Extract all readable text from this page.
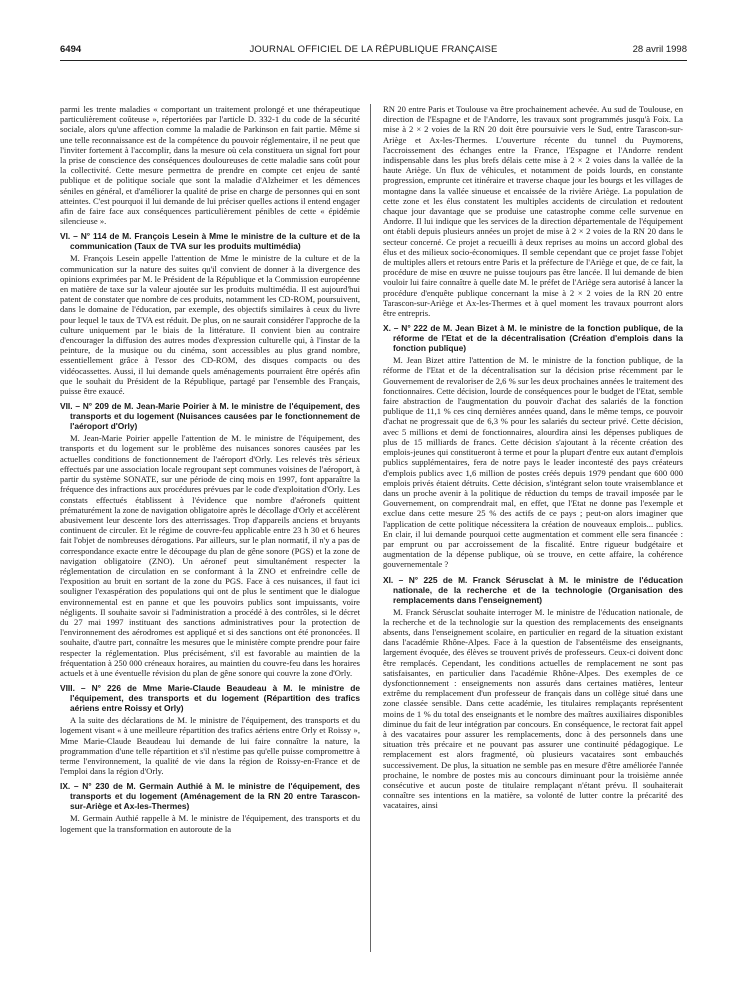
6494	JOURNAL OFFICIEL DE LA RÉPUBLIQUE FRANÇAISE	28 avril 1998

parmi les trente maladies « comportant un traitement prolongé et une thérapeutique particulièrement coûteuse », répertoriées par l'article D. 332-1 du code de la sécurité sociale, alors qu'une affection comme la maladie de Parkinson en fait partie. Même si une telle reconnaissance est de la compétence du pouvoir réglementaire, il ne peut que l'inviter fortement à l'accomplir, dans la mesure où cela constituera un signal fort pour la prise de conscience des conséquences douloureuses de cette maladie sans coût pour la collectivité. Cette mesure permettra de prendre en compte cet enjeu de santé publique et de politique sociale que sont la maladie d'Alzheimer et les démences séniles en général, et d'améliorer la qualité de prise en charge de personnes qui en sont atteintes. C'est pourquoi il lui demande de lui préciser quelles actions il entend engager afin de faire face aux conséquences particulièrement pénibles de cette « épidémie silencieuse ».

VI. – N° 114 de M. François Lesein à Mme le ministre de la culture et de la communication (Taux de TVA sur les produits multimédia)

M. François Lesein appelle l'attention de Mme le ministre de la culture et de la communication sur la nature des suites qu'il convient de donner à la divergence des opinions exprimées par M. le Président de la République et la Commission européenne en matière de taxe sur la valeur ajoutée sur les produits multimédia. Il est aujourd'hui patent de constater que nombre de ces produits, notamment les CD-ROM, poursuivent, dans le domaine de l'éducation, par exemple, des objectifs similaires à ceux du livre pour lequel le taux de TVA est réduit. De plus, on ne saurait considérer l'approche de la culture uniquement par le biais de la littérature. Il convient bien au contraire d'encourager la diffusion des autres modes d'expression culturelle qui, à l'instar de la peinture, de la musique ou du cinéma, sont accessibles au plus grand nombre, essentiellement grâce à l'essor des CD-ROM, des disques compacts ou des vidéocassettes. Aussi, il lui demande quels aménagements pourraient être opérés afin que le souhait du Président de la République, partagé par l'ensemble des Français, puisse être exaucé.

VII. – N° 209 de M. Jean-Marie Poirier à M. le ministre de l'équipement, des transports et du logement (Nuisances causées par le fonctionnement de l'aéroport d'Orly)

M. Jean-Marie Poirier appelle l'attention de M. le ministre de l'équipement, des transports et du logement sur le problème des nuisances sonores causées par les actuelles conditions de fonctionnement de l'aéroport d'Orly. Les relevés très sérieux effectués par une association locale regroupant sept communes voisines de l'aéroport, à partir du système SONATE, sur une période de cinq mois en 1997, font apparaître la fréquence des infractions aux procédures prévues par le code d'exploitation d'Orly. Les constats effectués établissent à l'évidence que nombre d'aéronefs quittent prématurément la zone de navigation obligatoire après le décollage d'Orly et accélèrent abusivement leur descente lors des atterrissages. Trop d'appareils anciens et bruyants continuent de circuler. Et le régime de couvre-feu applicable entre 23 h 30 et 6 heures fait l'objet de nombreuses dérogations. Par ailleurs, sur le plan normatif, il n'y a pas de correspondance exacte entre le découpage du plan de gêne sonore (PGS) et la zone de navigation obligatoire (ZNO). Un aéronef peut simultanément respecter la réglementation de circulation en se conformant à la ZNO et enfreindre celle de l'exposition au bruit en sortant de la zone du PGS. Face à ces nuisances, il faut ici souligner l'exaspération des populations qui ont de plus le sentiment que le dialogue environnemental est en panne et que les pouvoirs publics sont impuissants, voire négligents. Il souhaite savoir si l'administration a procédé à des contrôles, si le décret du 27 mai 1997 instituant des sanctions administratives pour la protection de l'environnement des aérodromes est appliqué et si des sanctions ont été prononcées. Il souhaite, d'autre part, connaître les mesures que le ministère compte prendre pour faire respecter la réglementation. Plus précisément, s'il est favorable au maintien de la fréquentation à 250 000 créneaux horaires, au maintien du couvre-feu dans les horaires actuels et à une éventuelle révision du plan de gêne sonore qui couvre la zone d'Orly.

VIII. – N° 226 de Mme Marie-Claude Beaudeau à M. le ministre de l'équipement, des transports et du logement (Répartition des trafics aériens entre Roissy et Orly)

A la suite des déclarations de M. le ministre de l'équipement, des transports et du logement visant « à une meilleure répartition des trafics aériens entre Orly et Roissy », Mme Marie-Claude Beaudeau lui demande de lui faire connaître la nature, la programmation d'une telle répartition et s'il n'estime pas qu'elle puisse compromettre à terme l'environnement, la qualité de vie dans la région de Roissy-en-France et de l'emploi dans la région d'Orly.

IX. – N° 230 de M. Germain Authié à M. le ministre de l'équipement, des transports et du logement (Aménagement de la RN 20 entre Tarascon-sur-Ariège et Ax-les-Thermes)

M. Germain Authié rappelle à M. le ministre de l'équipement, des transports et du logement que la transformation en autoroute de la

RN 20 entre Paris et Toulouse va être prochainement achevée. Au sud de Toulouse, en direction de l'Espagne et de l'Andorre, les travaux sont programmés jusqu'à Foix. La mise à 2 × 2 voies de la RN 20 doit être poursuivie vers le Sud, entre Tarascon-sur-Ariège et Ax-les-Thermes. L'ouverture récente du tunnel du Puymorens, l'accroissement des échanges entre la France, l'Espagne et l'Andorre rendent indispensable dans les plus brefs délais cette mise à 2 × 2 voies dans la vallée de la haute Ariège. Un flux de véhicules, et notamment de poids lourds, en constante progression, emprunte cet itinéraire et traverse chaque jour les bourgs et les villages de montagne dans la vallée sinueuse et encaissée de la rivière Ariège. La population de cette zone et les élus constatent les multiples accidents de circulation et redoutent chaque jour davantage que se produise une catastrophe comme celle survenue en Andorre. Il lui indique que les services de la direction départementale de l'équipement ont établi depuis plusieurs années un projet de mise à 2 × 2 voies de la RN 20 dans le secteur concerné. Ce projet a recueilli à deux reprises au moins un accord global des élus et des milieux socio-économiques. Il semble cependant que ce projet fasse l'objet de multiples allers et retours entre Paris et la préfecture de l'Ariège et que, de ce fait, la procédure de mise en œuvre ne puisse toujours pas être lancée. Il lui demande de bien vouloir lui faire connaître à quelle date M. le préfet de l'Ariège sera autorisé à lancer la procédure d'enquête publique concernant la mise à 2 × 2 voies de la RN 20 entre Tarascon-sur-Ariège et Ax-les-Thermes et à quel moment les travaux pourront alors être entrepris.

X. – N° 222 de M. Jean Bizet à M. le ministre de la fonction publique, de la réforme de l'Etat et de la décentralisation (Création d'emplois dans la fonction publique)

M. Jean Bizet attire l'attention de M. le ministre de la fonction publique, de la réforme de l'Etat et de la décentralisation sur la décision prise récemment par le Gouvernement de revaloriser de 2,6 % sur les deux prochaines années le traitement des fonctionnaires. Cette décision, lourde de conséquences pour le budget de l'Etat, semble faire abstraction de l'augmentation du pouvoir d'achat des salariés de la fonction publique de 11,1 % ces cinq dernières années quand, dans le même temps, ce pouvoir d'achat ne progressait que de 6,3 % pour les salariés du secteur privé. Cette décision, avec 5 millions et demi de fonctionnaires, alourdira ainsi les dépenses publiques de plus de 15 milliards de francs. Cette décision s'ajoutant à la récente création des emplois-jeunes qui constitueront à terme et pour la plupart d'entre eux autant d'emplois publics supplémentaires, fera de notre pays le leader incontesté des pays créateurs d'emplois publics avec 1,6 million de postes créés depuis 1979 pendant que 600 000 emplois privés étaient détruits. Cette décision, s'intégrant selon toute vraisemblance et dans un proche avenir à la politique de réduction du temps de travail imposée par le Gouvernement, on comprendrait mal, en effet, que l'Etat ne donne pas l'exemple et exclue dans cette mesure 25 % des actifs de ce pays ; peut-on alors imaginer que l'application de cette politique nécessitera la création de nouveaux emplois... publics. En clair, il lui demande pourquoi cette augmentation et comment elle sera financée : par emprunt ou par accroissement de la fiscalité. Entre rigueur budgétaire et augmentation de la dépense publique, où se trouve, en cette affaire, la cohérence gouvernementale ?

XI. – N° 225 de M. Franck Sérusclat à M. le ministre de l'éducation nationale, de la recherche et de la technologie (Organisation des remplacements dans l'enseignement)

M. Franck Sérusclat souhaite interroger M. le ministre de l'éducation nationale, de la recherche et de la technologie sur la question des remplacements des enseignants absents, dans l'enseignement scolaire, en particulier en regard de la situation existant dans l'académie Rhône-Alpes. Face à la question de l'absentéisme des enseignants, largement évoquée, des élèves se trouvent privés de professeurs. Ceux-ci doivent donc être remplacés. Cependant, les conditions actuelles de remplacement ne sont pas satisfaisantes, en particulier dans l'académie Rhône-Alpes. Des exemples de ce dysfonctionnement : enseignements non assurés dans certaines matières, lenteur extrême du remplacement d'un professeur de français dans un collège situé dans une zone classée sensible. Dans cette académie, les titulaires remplaçants représentent moins de 1 % du total des enseignants et le nombre des maîtres auxiliaires disponibles diminue du fait de leur intégration par concours. En conséquence, le rectorat fait appel à des vacataires pour assurer les remplacements, donc à des personnels dans une situation très précaire et ne pouvant pas assurer une continuité pédagogique. Le remplacement est alors fragmenté, où plusieurs vacataires sont embauchés successivement. De plus, la situation ne semble pas en mesure d'être améliorée l'année prochaine, le nombre de postes mis au concours diminuant pour la troisième année consécutive et aucun poste de titulaire remplaçant n'étant prévu. Il souhaiterait connaître ses intentions en la matière, sa volonté de lutter contre la précarité des vacataires, ainsi
